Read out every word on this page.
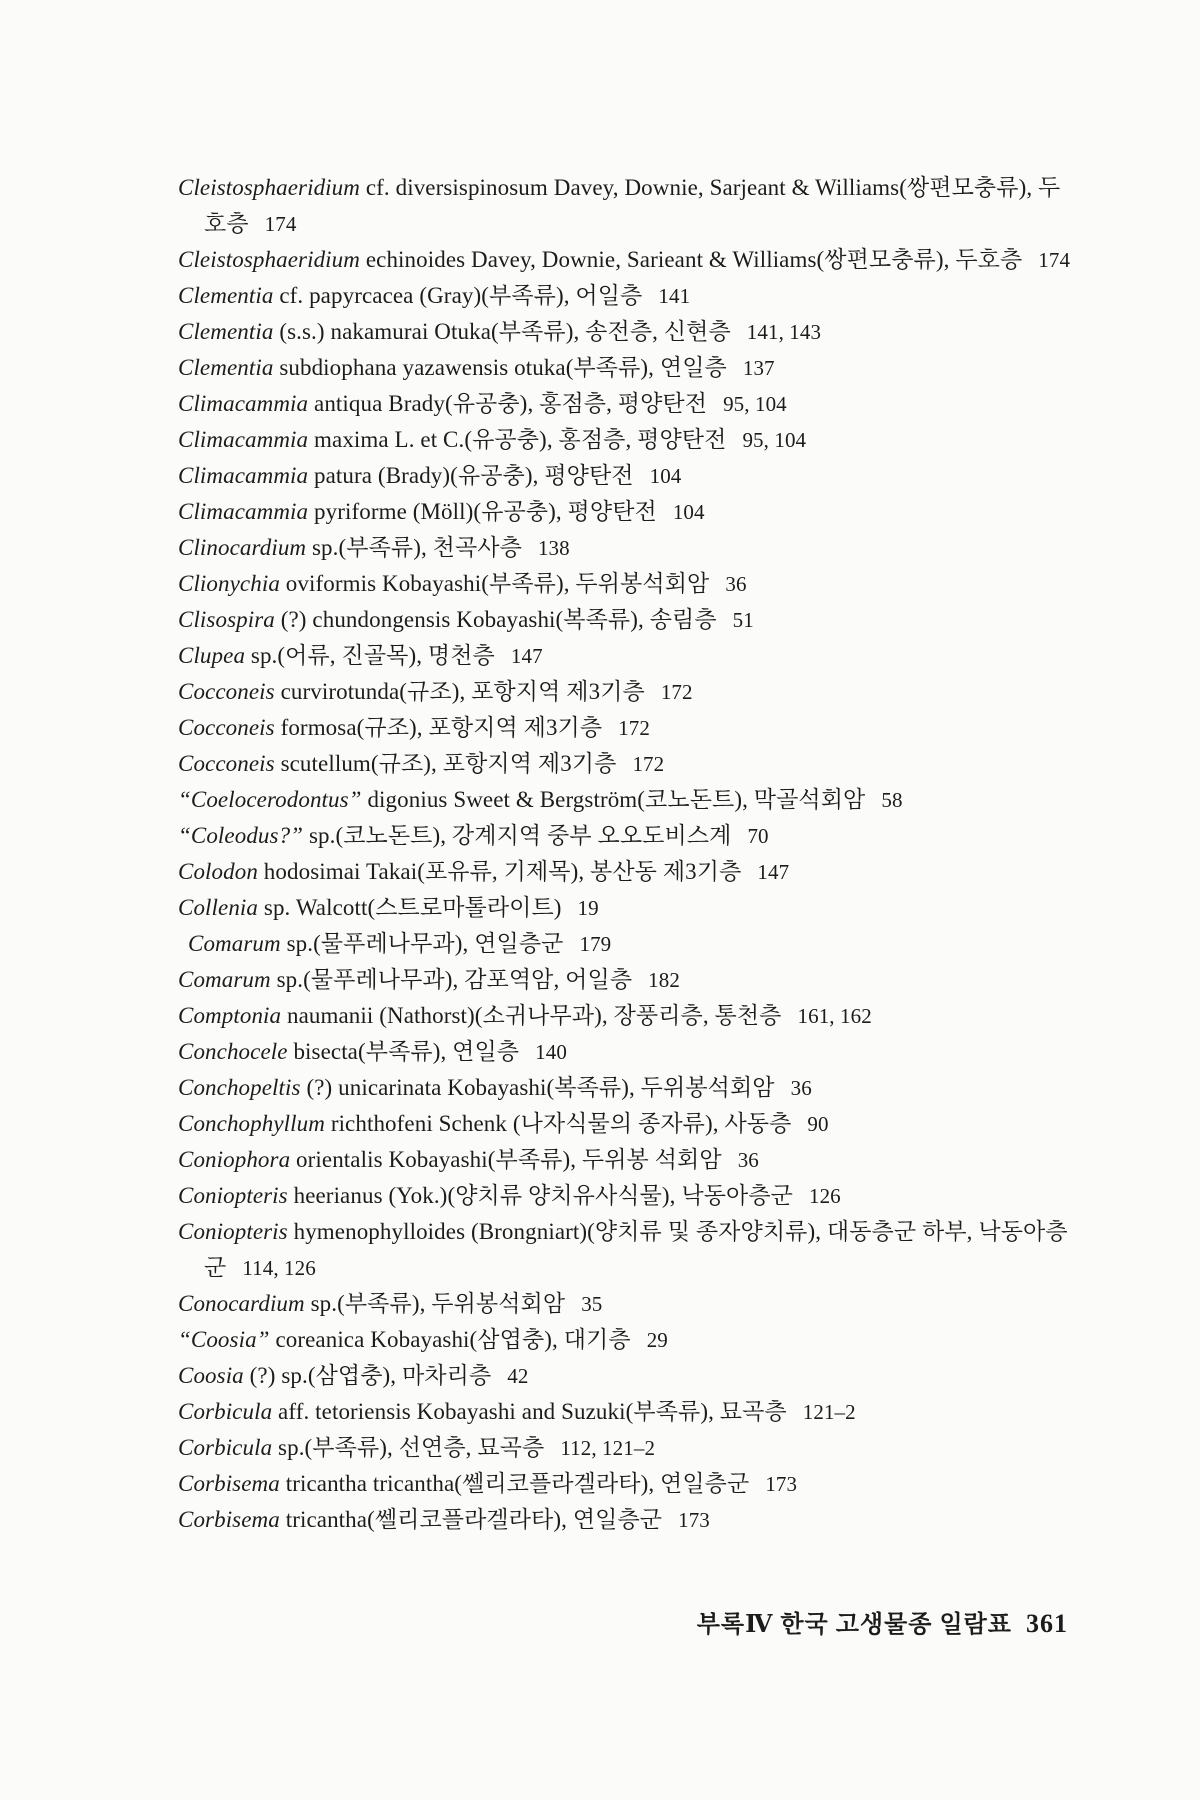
Cleistosphaeridium cf. diversispinosum Davey, Downie, Sarjeant & Williams(쌍편모충류), 두호층 174
Cleistosphaeridium echinoides Davey, Downie, Sarieant & Williams(쌍편모충류), 두호층 174
Clementia cf. papyrcacea (Gray)(부족류), 어일층 141
Clementia (s.s.) nakamurai Otuka(부족류), 송전층, 신현층 141, 143
Clementia subdiophana yazawensis otuka(부족류), 연일층 137
Climacammia antiqua Brady(유공충), 홍점층, 평양탄전 95, 104
Climacammia maxima L. et C.(유공충), 홍점층, 평양탄전 95, 104
Climacammia patura (Brady)(유공충), 평양탄전 104
Climacammia pyriforme (Möll)(유공충), 평양탄전 104
Clinocardium sp.(부족류), 천곡사층 138
Clionychia oviformis Kobayashi(부족류), 두위봉석회암 36
Clisospira (?) chundongensis Kobayashi(복족류), 송림층 51
Clupea sp.(어류, 진골목), 명천층 147
Cocconeis curvirotunda(규조), 포항지역 제3기층 172
Cocconeis formosa(규조), 포항지역 제3기층 172
Cocconeis scutellum(규조), 포항지역 제3기층 172
“Coelocerodontus” digonius Sweet & Bergström(코노돈트), 막골석회암 58
“Coleodus?” sp.(코노돈트), 강계지역 중부 오오도비스계 70
Colodon hodosimai Takai(포유류, 기제목), 봉산동 제3기층 147
Collenia sp. Walcott(스트로마톨라이트) 19
Comarum sp.(물푸레나무과), 연일층군 179
Comarum sp.(물푸레나무과), 감포역암, 어일층 182
Comptonia naumanii (Nathorst)(소귀나무과), 장풍리층, 통천층 161, 162
Conchocele bisecta(부족류), 연일층 140
Conchopeltis (?) unicarinata Kobayashi(복족류), 두위봉석회암 36
Conchophyllum richthofeni Schenk (나자식물의 종자류), 사동층 90
Coniophora orientalis Kobayashi(부족류), 두위봉 석회암 36
Coniopteris heerianus (Yok.)(양치류 양치유사식물), 낙동아층군 126
Coniopteris hymenophylloides (Brongniart)(양치류 및 종자양치류), 대동층군 하부, 낙동아층군 114, 126
Conocardium sp.(부족류), 두위봉석회암 35
“Coosia” coreanica Kobayashi(삼엽충), 대기층 29
Coosia (?) sp.(삼엽충), 마차리층 42
Corbicula aff. tetoriensis Kobayashi and Suzuki(부족류), 묘곡층 121–2
Corbicula sp.(부족류), 선연층, 묘곡층 112, 121–2
Corbisema tricantha tricantha(쎌리코플라겔라타), 연일층군 173
Corbisema tricantha(쎌리코플라겔라타), 연일층군 173
부록Ⅳ 한국 고생물종 일람표 361
